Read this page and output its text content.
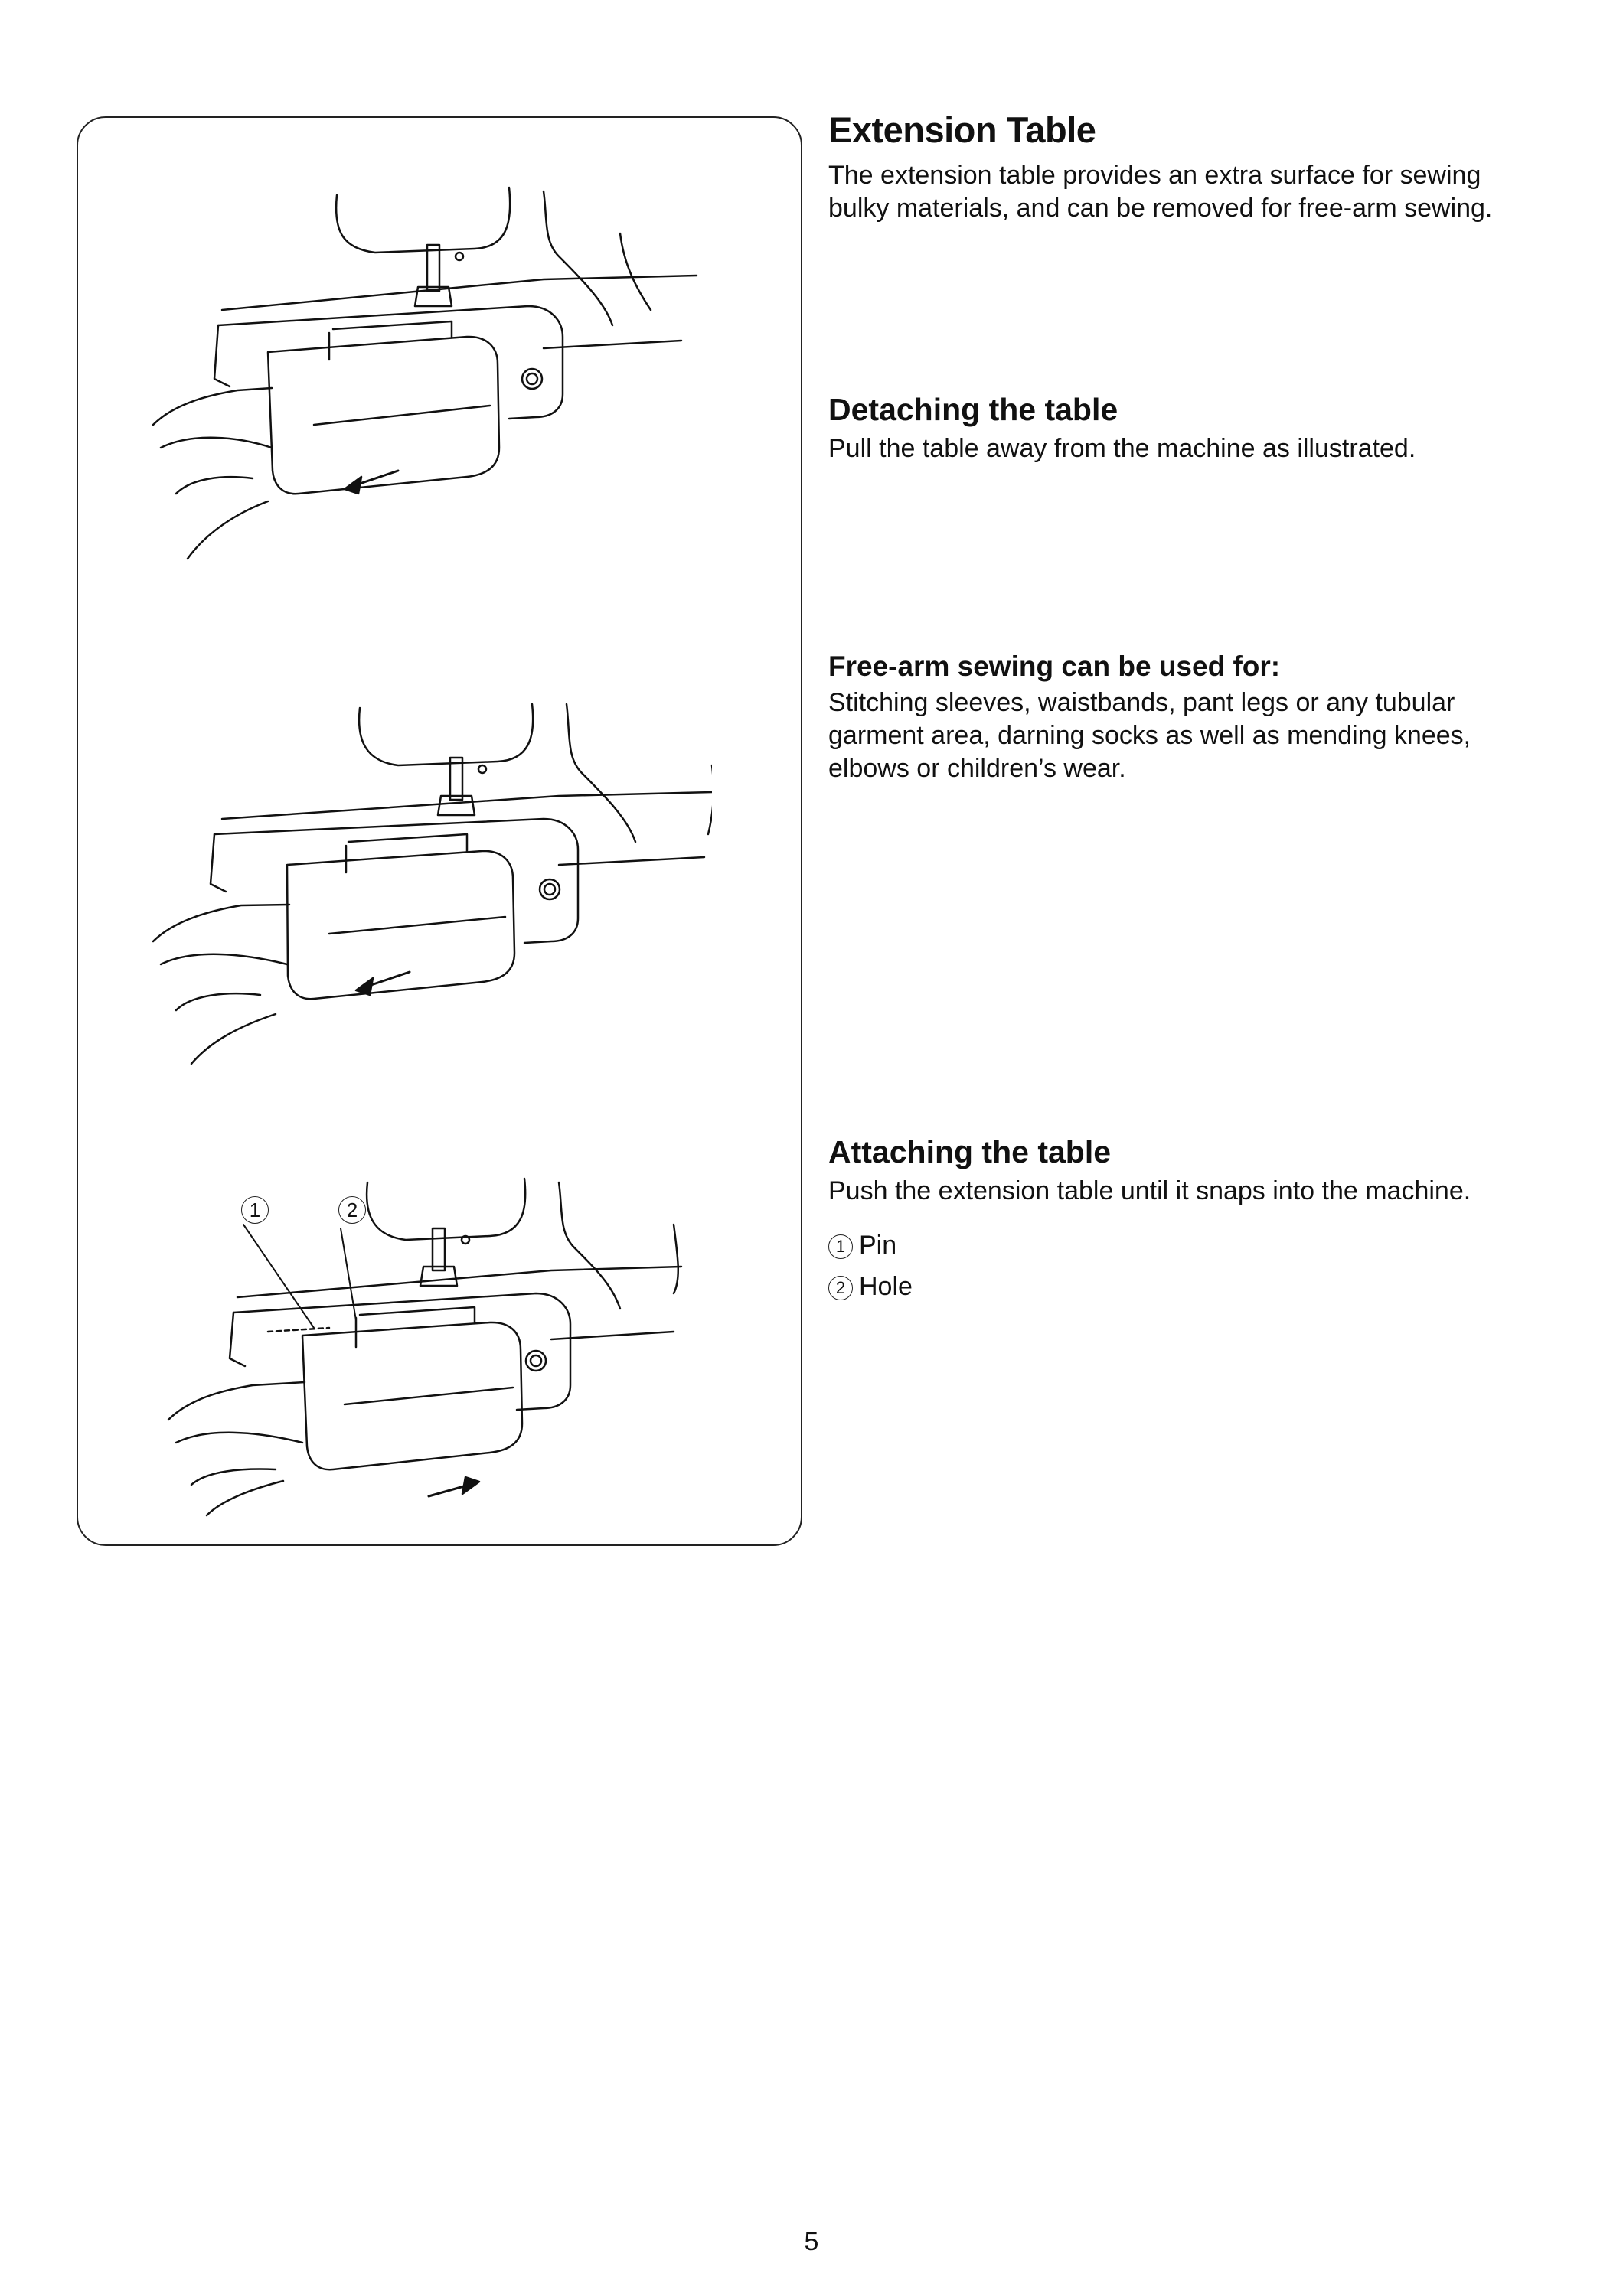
1	2
Extension Table

The extension table provides an extra surface for sewing

bulky materials, and can be removed for free-arm sewing.

Detaching the table

Pull the table away from the machine as illustrated.

Free-arm sewing can be used for:

Stitching sleeves, waistbands, pant legs or any tubular

garment area, darning socks as well as mending knees,

elbows or children’s wear.

Attaching the table

Push the extension table until it snaps into the machine.

1 Pin
2 Hole
5
